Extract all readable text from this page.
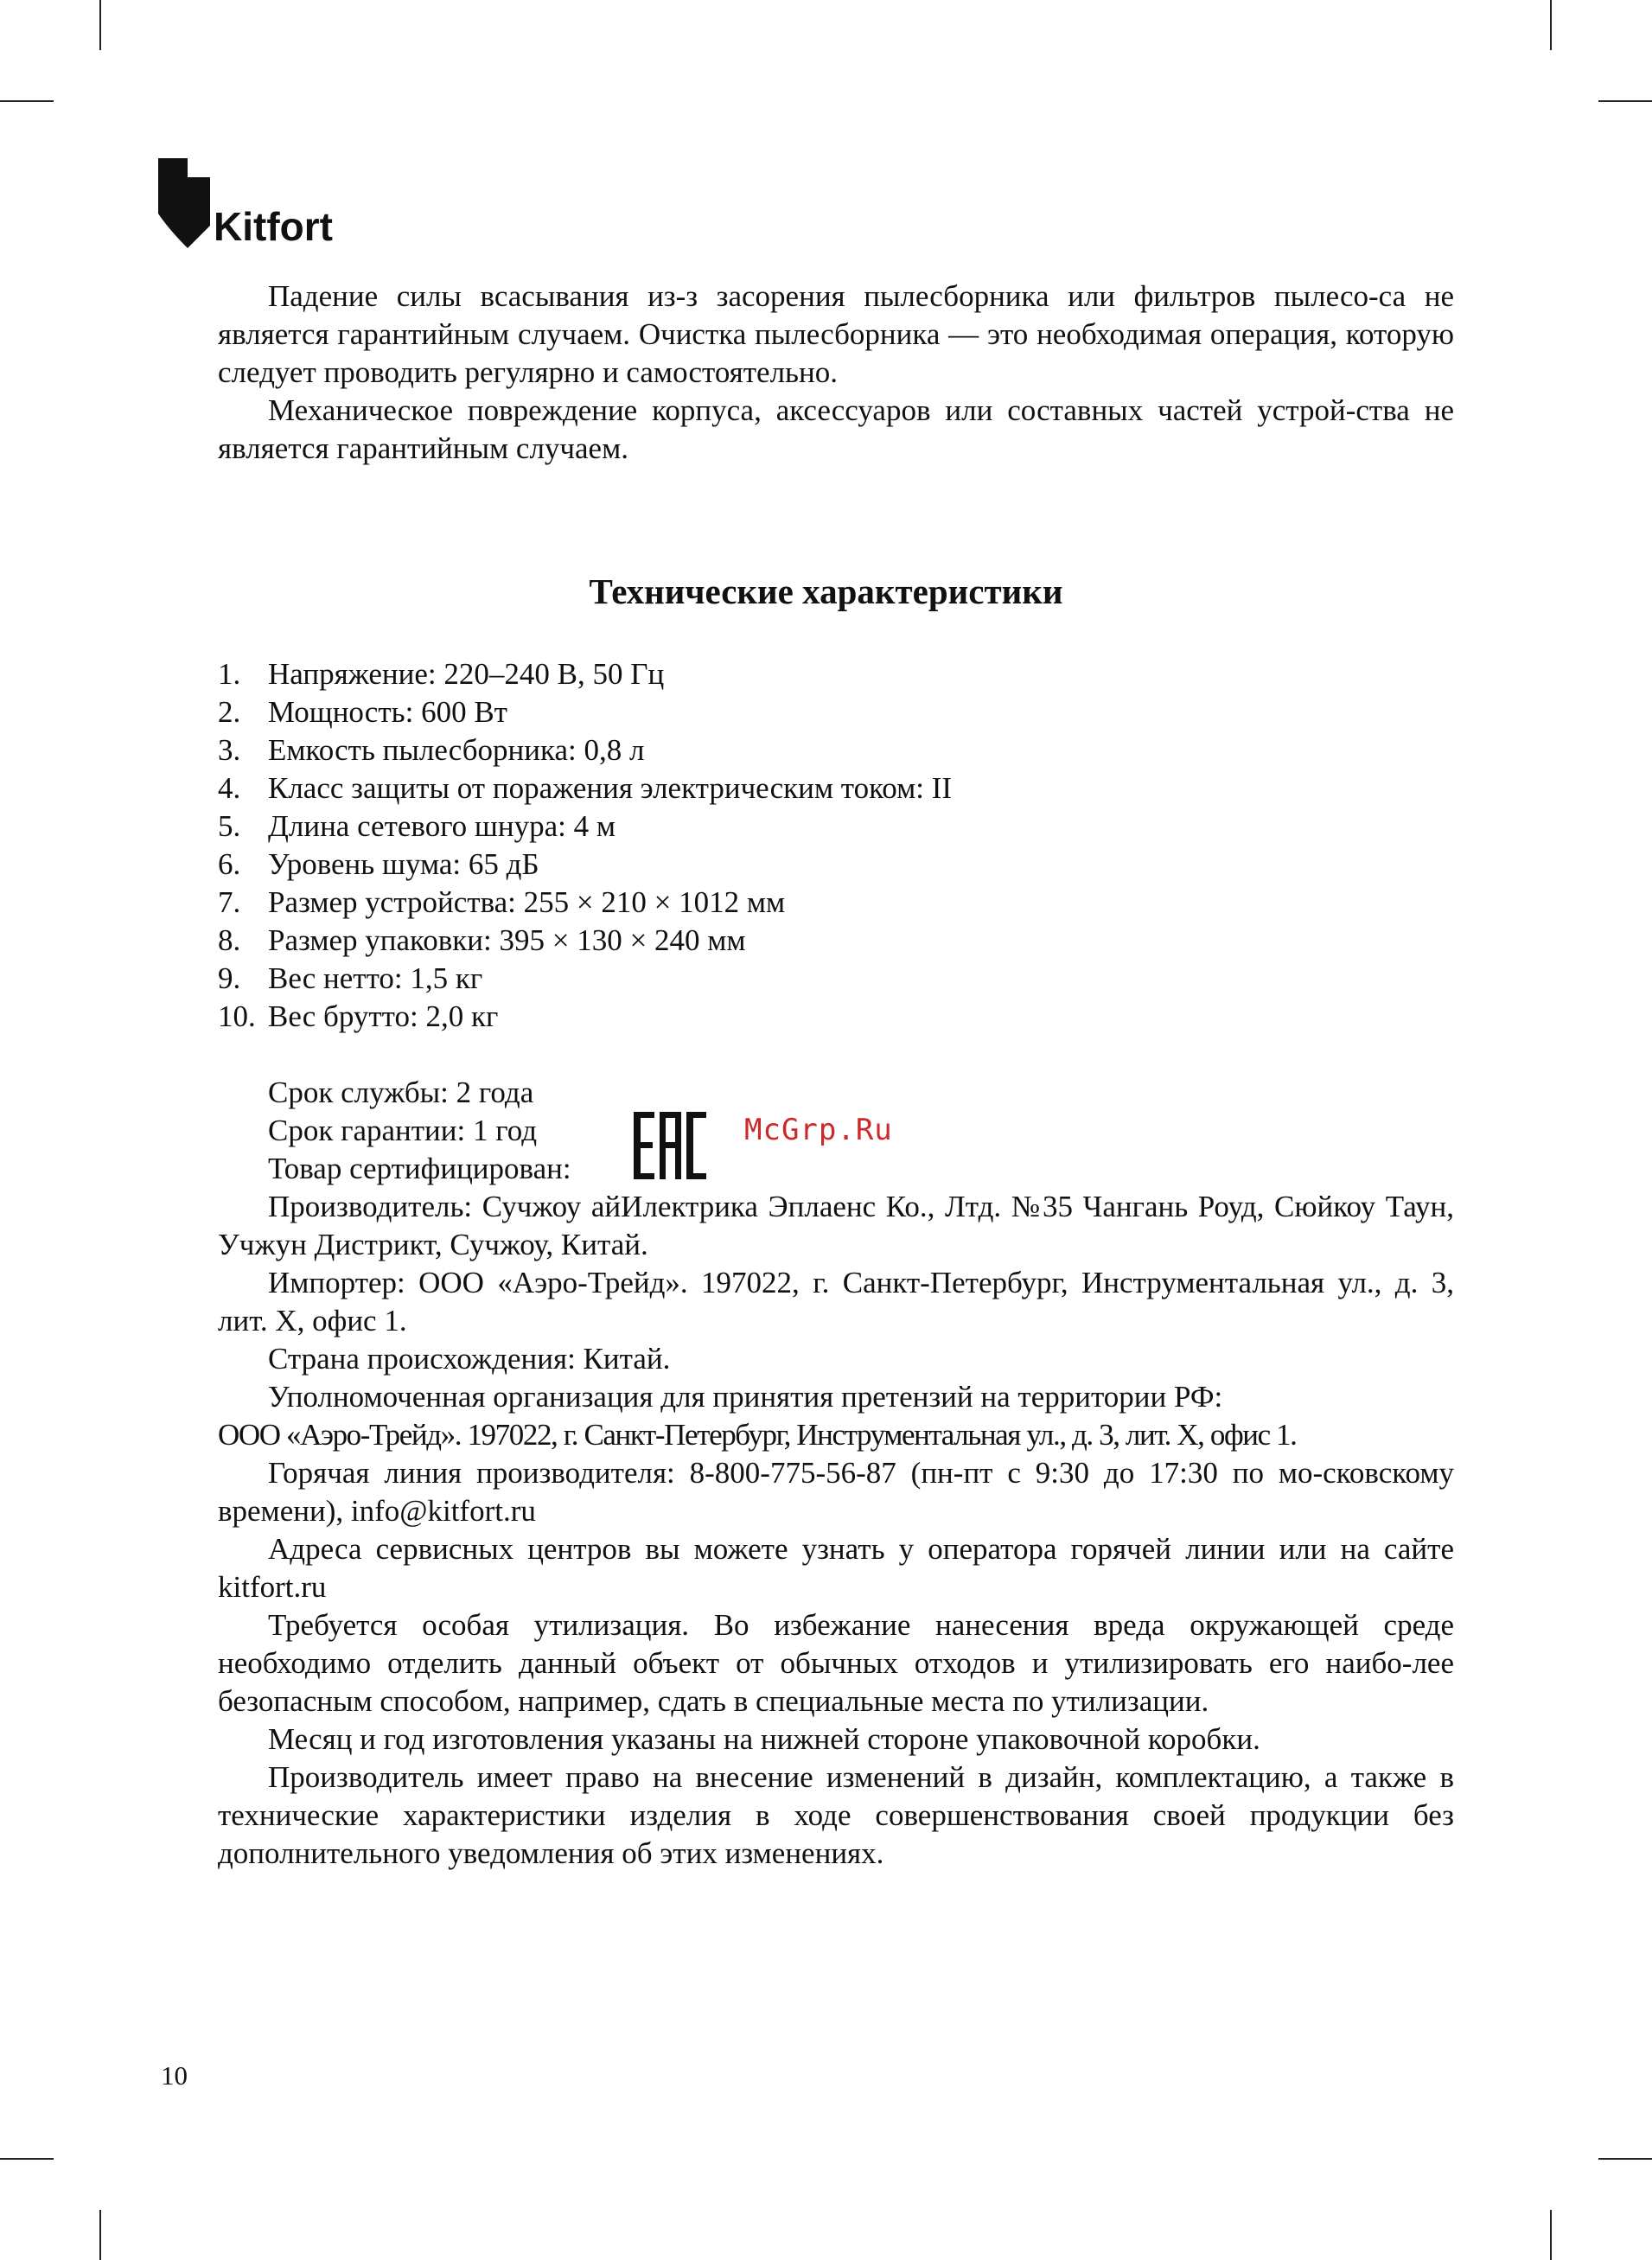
Kitfort

Падение силы всасывания из-з засорения пылесборника или фильтров пылесо-са не является гарантийным случаем. Очистка пылесборника — это необходимая операция, которую следует проводить регулярно и самостоятельно.

Механическое повреждение корпуса, аксессуаров или составных частей устрой-ства не является гарантийным случаем.

Технические характеристики
1. Напряжение: 220–240 В, 50 Гц
2. Мощность: 600 Вт
3. Емкость пылесборника: 0,8 л
4. Класс защиты от поражения электрическим током: II
5. Длина сетевого шнура: 4 м
6. Уровень шума: 65 дБ
7. Размер устройства: 255 × 210 × 1012 мм
8. Размер упаковки: 395 × 130 × 240 мм
9. Вес нетто: 1,5 кг
10. Вес брутто: 2,0 кг
Срок службы: 2 года
Срок гарантии: 1 год
Товар сертифицирован:
McGrp.Ru

Производитель: Сучжоу айИлектрика Эплаенс Ко., Лтд. №35 Чангань Роуд, Сюйкоу Таун, Учжун Дистрикт, Сучжоу, Китай.

Импортер: ООО «Аэро-Трейд». 197022, г. Санкт-Петербург, Инструментальная ул., д. 3, лит. Х, офис 1.

Страна происхождения: Китай.

Уполномоченная организация для принятия претензий на территории РФ:

ООО «Аэро-Трейд». 197022, г. Санкт-Петербург, Инструментальная ул., д. 3, лит. Х, офис 1.

Горячая линия производителя: 8-800-775-56-87 (пн-пт с 9:30 до 17:30 по мо-сковскому времени), info@kitfort.ru

Адреса сервисных центров вы можете узнать у оператора горячей линии или на сайте kitfort.ru

Требуется особая утилизация. Во избежание нанесения вреда окружающей среде необходимо отделить данный объект от обычных отходов и утилизировать его наибо-лее безопасным способом, например, сдать в специальные места по утилизации.

Месяц и год изготовления указаны на нижней стороне упаковочной коробки.

Производитель имеет право на внесение изменений в дизайн, комплектацию, а также в технические характеристики изделия в ходе совершенствования своей продукции без дополнительного уведомления об этих изменениях.

10
